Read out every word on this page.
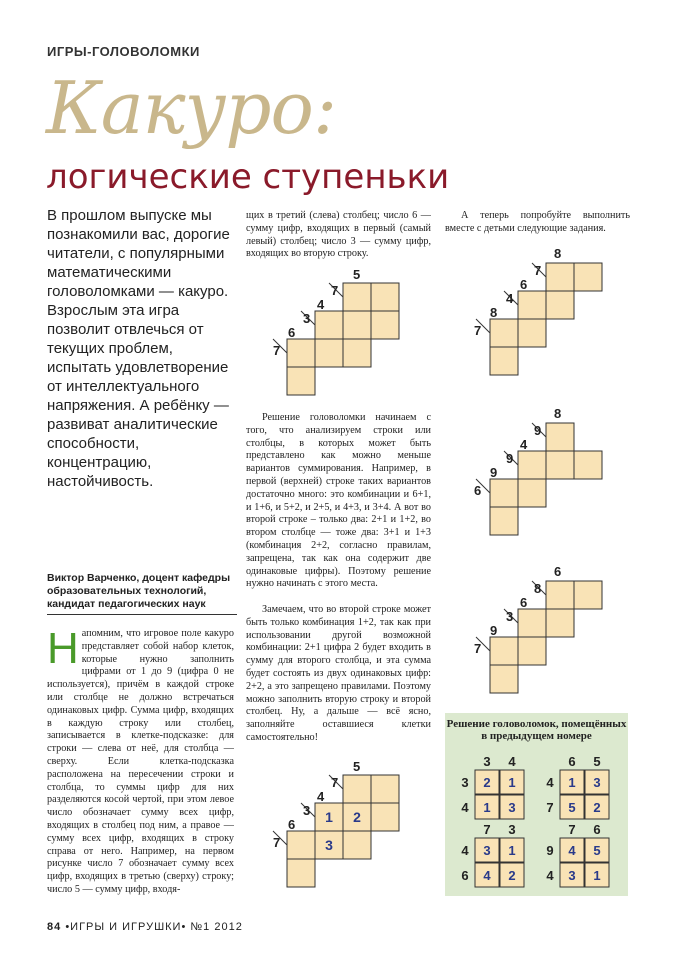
ИГРЫ-ГОЛОВОЛОМКИ
Какуро:
логические ступеньки
В прошлом выпуске мы познакомили вас, дорогие читатели, с популярными математическими головоломками — какуро. Взрослым эта игра позволит отвлечься от текущих проблем, испытать удовлетворение от интеллектуального напряжения. А ребёнку — развиват аналитические способности, концентрацию, настойчивость.
Виктор Варченко, доцент кафедры образовательных технологий, кандидат педагогических наук
Напомним, что игровое поле какуро представляет собой набор клеток, которые нужно заполнить цифрами от 1 до 9 (цифра 0 не используется), причём в каждой строке или столбце не должно встречаться одинаковых цифр. Сумма цифр, входящих в каждую строку или столбец, записывается в клетке-подсказке: для строки — слева от неё, для столбца — сверху. Если клетка-подсказка расположена на пересечении строки и столбца, то суммы цифр для них разделяются косой чертой, при этом левое число обозначает сумму всех цифр, входящих в столбец под ним, а правое — сумму всех цифр, входящих в строку справа от него. Например, на первом рисунке число 7 обозначает сумму всех цифр, входящих в третью (сверху) строку; число 5 — сумму цифр, входя-
щих в третий (слева) столбец; число 6 — сумму цифр, входящих в первый (самый левый) столбец; число 3 — сумму цифр, входящих во вторую строку.
Решение головоломки начинаем с того, что анализируем строки или столбцы, в которых может быть представлено как можно меньше вариантов суммирования. Например, в первой (верхней) строке таких вариантов достаточно много: это комбинации и 6+1, и 1+6, и 5+2, и 2+5, и 4+3, и 3+4. А вот во второй строке – только два: 2+1 и 1+2, во втором столбце — тоже два: 3+1 и 1+3 (комбинация 2+2, согласно правилам, запрещена, так как она содержит две одинаковые цифры). Поэтому решение нужно начинать с этого места.
Замечаем, что во второй строке может быть только комбинация 1+2, так как при использовании другой возможной комбинации: 2+1 цифра 2 будет входить в сумму для второго столбца, и эта сумма будет состоять из двух одинаковых цифр: 2+2, а это запрещено правилами. Поэтому можно заполнить вторую строку и второй столбец. Ну, а дальше — всё ясно, заполняйте оставшиеся клетки самостоятельно!
А теперь попробуйте выполнить вместе с детьми следующие задания.
5
7
4
3
6
7
5
7
4
3
6
7
1 2
3
8
7
6
4
8
7
8
9
4
9
9
6
6
8
6
3
9
7
Решение головоломок, помещённых в предыдущем номере
3 4
3
4
2 1
1 3
6 5
4
7
1 3
5 2
7 3
4
6
3 1
4 2
7 6
9
4
4 5
3 1
84 •ИГРЫ И ИГРУШКИ• №1 2012
